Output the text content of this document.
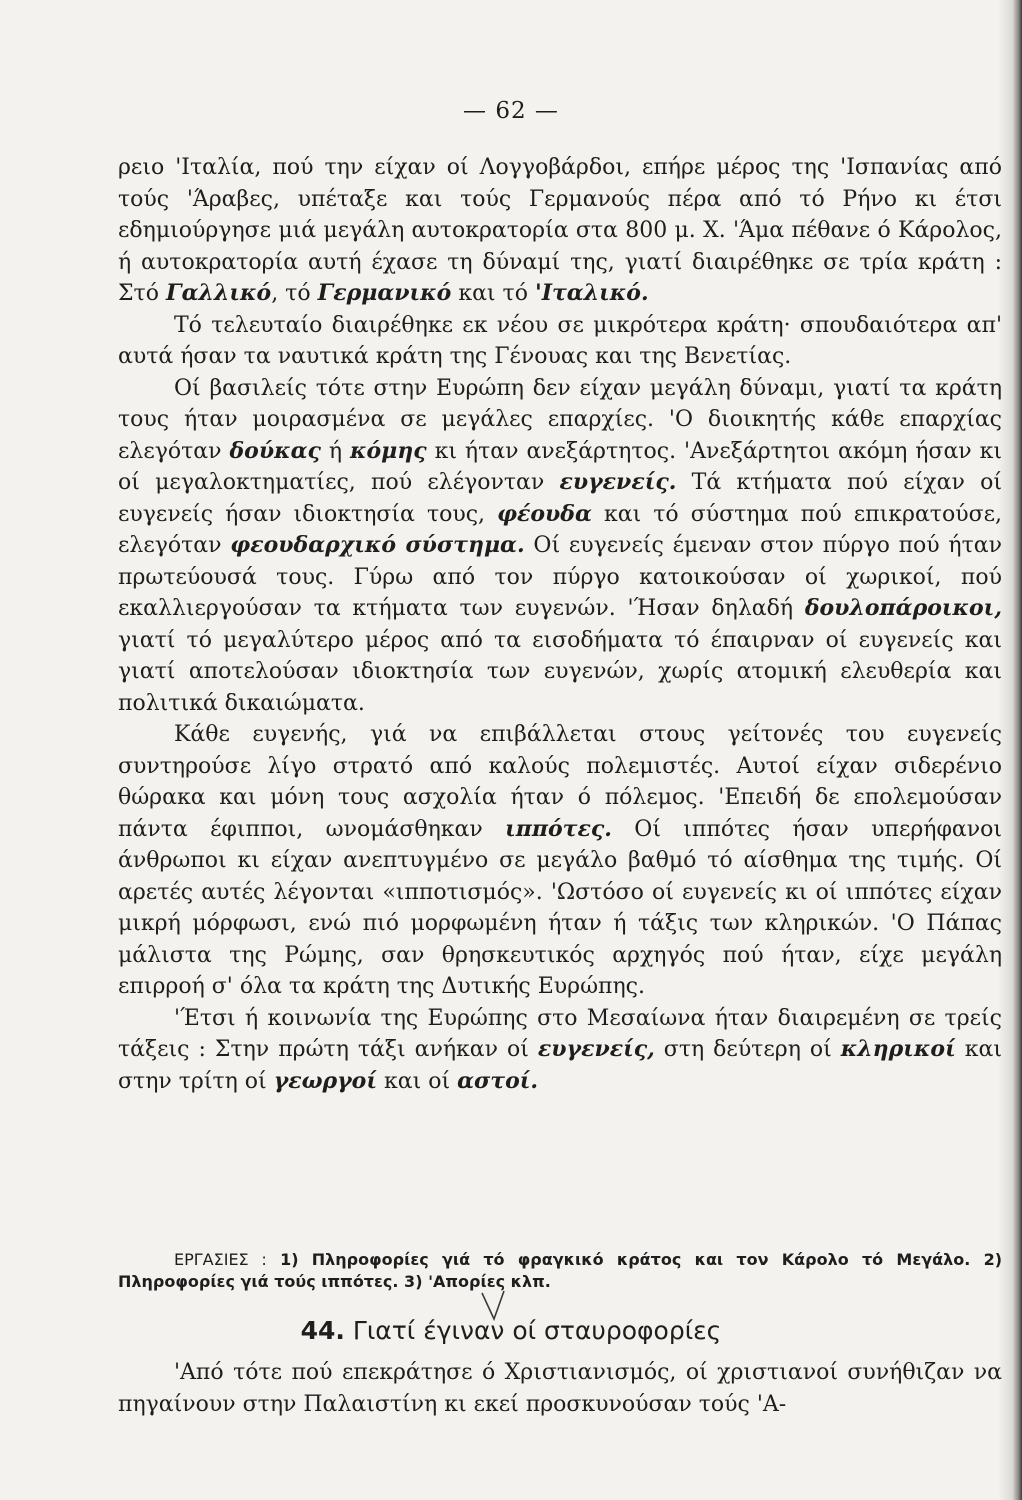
— 62 —

ρειο 'Ιταλία, πού την είχαν οί Λογγοβάρδοι, επήρε μέρος της 'Ισπανίας από τούς 'Άραβες, υπέταξε και τούς Γερμανούς πέρα από τό Ρήνο κι έτσι εδημιούργησε μιά μεγάλη αυτοκρατορία στα 800 μ. Χ. 'Άμα πέθανε ό Κάρολος, ή αυτοκρατορία αυτή έχασε τη δύναμί της, γιατί διαιρέθηκε σε τρία κράτη : Στό Γαλλικό, τό Γερμανικό και τό 'Ιταλικό.

Τό τελευταίο διαιρέθηκε εκ νέου σε μικρότερα κράτη· σπουδαιότερα απ' αυτά ήσαν τα ναυτικά κράτη της Γένουας και της Βενετίας.

Οί βασιλείς τότε στην Ευρώπη δεν είχαν μεγάλη δύναμι, γιατί τα κράτη τους ήταν μοιρασμένα σε μεγάλες επαρχίες. 'Ο διοικητής κάθε επαρχίας ελεγόταν δούκας ή κόμης κι ήταν ανεξάρτητος. 'Ανεξάρτητοι ακόμη ήσαν κι οί μεγαλοκτηματίες, πού ελέγονταν ευγενείς. Τά κτήματα πού είχαν οί ευγενείς ήσαν ιδιοκτησία τους, φέουδα και τό σύστημα πού επικρατούσε, ελεγόταν φεουδαρχικό σύστημα. Οί ευγενείς έμεναν στον πύργο πού ήταν πρωτεύουσά τους. Γύρω από τον πύργο κατοικούσαν οί χωρικοί, πού εκαλλιεργούσαν τα κτήματα των ευγενών. 'Ήσαν δηλαδή δουλοπάροικοι, γιατί τό μεγαλύτερο μέρος από τα εισοδήματα τό έπαιρναν οί ευγενείς και γιατί αποτελούσαν ιδιοκτησία των ευγενών, χωρίς ατομική ελευθερία και πολιτικά δικαιώματα.

Κάθε ευγενής, γιά να επιβάλλεται στους γείτονές του ευγενείς συντηρούσε λίγο στρατό από καλούς πολεμιστές. Αυτοί είχαν σιδερένιο θώρακα και μόνη τους ασχολία ήταν ό πόλεμος. 'Επειδή δε επολεμούσαν πάντα έφιπποι, ωνομάσθηκαν ιππότες. Οί ιππότες ήσαν υπερήφανοι άνθρωποι κι είχαν ανεπτυγμένο σε μεγάλο βαθμό τό αίσθημα της τιμής. Οί αρετές αυτές λέγονται «ιπποτισμός». 'Ωστόσο οί ευγενείς κι οί ιππότες είχαν μικρή μόρφωσι, ενώ πιό μορφωμένη ήταν ή τάξις των κληρικών. 'Ο Πάπας μάλιστα της Ρώμης, σαν θρησκευτικός αρχηγός πού ήταν, είχε μεγάλη επιρροή σ' όλα τα κράτη της Δυτικής Ευρώπης.

'Έτσι ή κοινωνία της Ευρώπης στο Μεσαίωνα ήταν διαιρεμένη σε τρείς τάξεις : Στην πρώτη τάξι ανήκαν οί ευγενείς, στη δεύτερη οί κληρικοί και στην τρίτη οί γεωργοί και οί αστοί.

ΕΡΓΑΣΙΕΣ : 1) Πληροφορίες γιά τό φραγκικό κράτος και τον Κάρολο τό Μεγάλο. 2) Πληροφορίες γιά τούς ιππότες. 3) 'Απορίες κλπ.
44. Γιατί έγιναν οί σταυροφορίες

'Από τότε πού επεκράτησε ό Χριστιανισμός, οί χριστιανοί συνήθιζαν να πηγαίνουν στην Παλαιστίνη κι εκεί προσκυνούσαν τούς 'Α-
